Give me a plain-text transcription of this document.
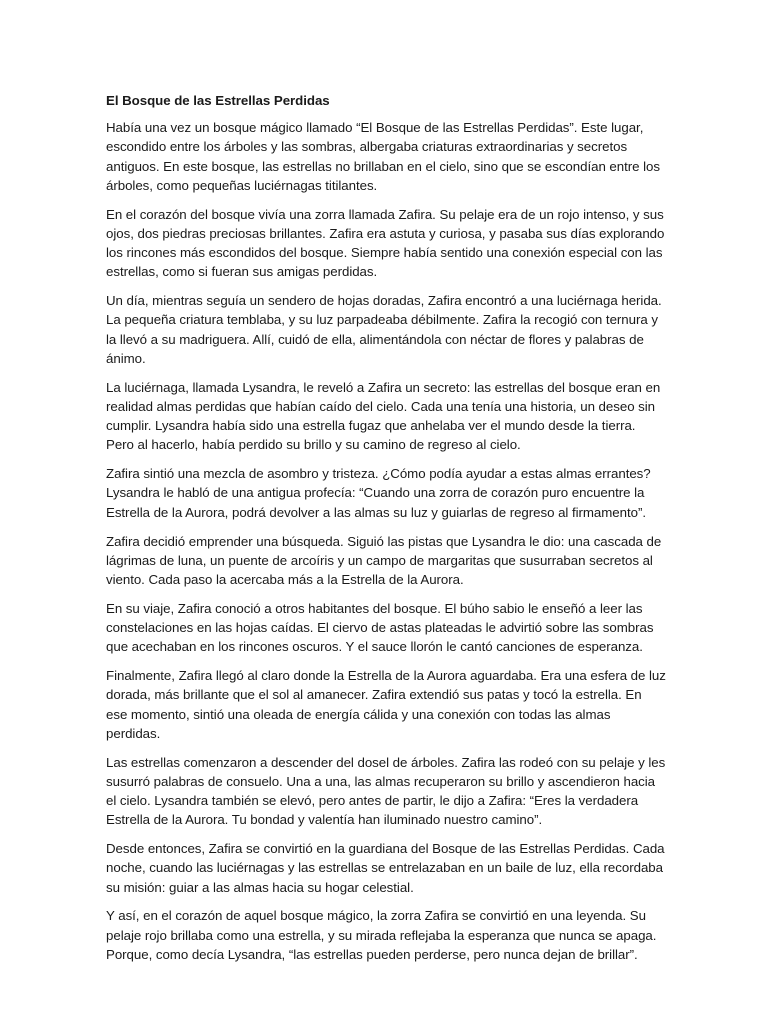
El Bosque de las Estrellas Perdidas

Había una vez un bosque mágico llamado “El Bosque de las Estrellas Perdidas”. Este lugar, escondido entre los árboles y las sombras, albergaba criaturas extraordinarias y secretos antiguos. En este bosque, las estrellas no brillaban en el cielo, sino que se escondían entre los árboles, como pequeñas luciérnagas titilantes.

En el corazón del bosque vivía una zorra llamada Zafira. Su pelaje era de un rojo intenso, y sus ojos, dos piedras preciosas brillantes. Zafira era astuta y curiosa, y pasaba sus días explorando los rincones más escondidos del bosque. Siempre había sentido una conexión especial con las estrellas, como si fueran sus amigas perdidas.

Un día, mientras seguía un sendero de hojas doradas, Zafira encontró a una luciérnaga herida. La pequeña criatura temblaba, y su luz parpadeaba débilmente. Zafira la recogió con ternura y la llevó a su madriguera. Allí, cuidó de ella, alimentándola con néctar de flores y palabras de ánimo.

La luciérnaga, llamada Lysandra, le reveló a Zafira un secreto: las estrellas del bosque eran en realidad almas perdidas que habían caído del cielo. Cada una tenía una historia, un deseo sin cumplir. Lysandra había sido una estrella fugaz que anhelaba ver el mundo desde la tierra. Pero al hacerlo, había perdido su brillo y su camino de regreso al cielo.

Zafira sintió una mezcla de asombro y tristeza. ¿Cómo podía ayudar a estas almas errantes? Lysandra le habló de una antigua profecía: “Cuando una zorra de corazón puro encuentre la Estrella de la Aurora, podrá devolver a las almas su luz y guiarlas de regreso al firmamento”.

Zafira decidió emprender una búsqueda. Siguió las pistas que Lysandra le dio: una cascada de lágrimas de luna, un puente de arcoíris y un campo de margaritas que susurraban secretos al viento. Cada paso la acercaba más a la Estrella de la Aurora.

En su viaje, Zafira conoció a otros habitantes del bosque. El búho sabio le enseñó a leer las constelaciones en las hojas caídas. El ciervo de astas plateadas le advirtió sobre las sombras que acechaban en los rincones oscuros. Y el sauce llorón le cantó canciones de esperanza.

Finalmente, Zafira llegó al claro donde la Estrella de la Aurora aguardaba. Era una esfera de luz dorada, más brillante que el sol al amanecer. Zafira extendió sus patas y tocó la estrella. En ese momento, sintió una oleada de energía cálida y una conexión con todas las almas perdidas.

Las estrellas comenzaron a descender del dosel de árboles. Zafira las rodeó con su pelaje y les susurró palabras de consuelo. Una a una, las almas recuperaron su brillo y ascendieron hacia el cielo. Lysandra también se elevó, pero antes de partir, le dijo a Zafira: “Eres la verdadera Estrella de la Aurora. Tu bondad y valentía han iluminado nuestro camino”.

Desde entonces, Zafira se convirtió en la guardiana del Bosque de las Estrellas Perdidas. Cada noche, cuando las luciérnagas y las estrellas se entrelazaban en un baile de luz, ella recordaba su misión: guiar a las almas hacia su hogar celestial.

Y así, en el corazón de aquel bosque mágico, la zorra Zafira se convirtió en una leyenda. Su pelaje rojo brillaba como una estrella, y su mirada reflejaba la esperanza que nunca se apaga. Porque, como decía Lysandra, “las estrellas pueden perderse, pero nunca dejan de brillar”.
